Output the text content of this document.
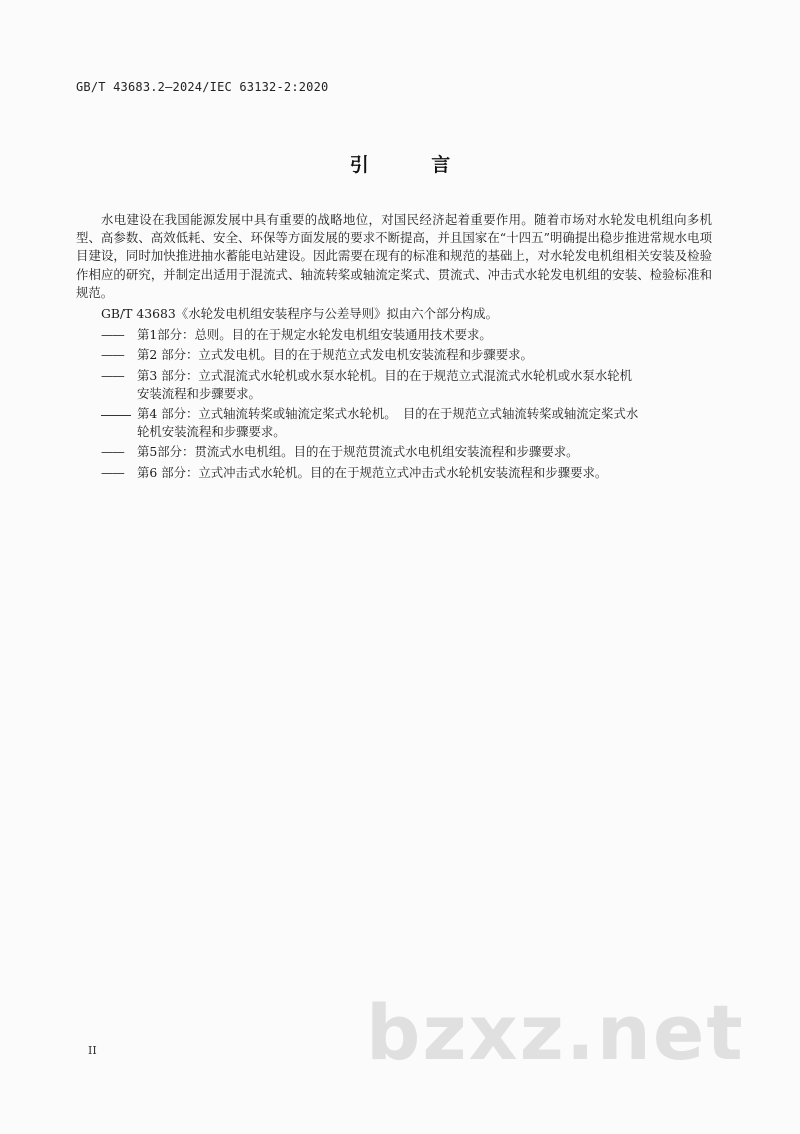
GB/T 43683.2—2024/IEC 63132-2:2020
引 言

水电建设在我国能源发展中具有重要的战略地位，对国民经济起着重要作用。随着市场对水轮发电机组向多机型、高参数、高效低耗、安全、环保等方面发展的要求不断提高，并且国家在“十四五”明确提出稳步推进常规水电项目建设，同时加快推进抽水蓄能电站建设。因此需要在现有的标准和规范的基础上，对水轮发电机组相关安装及检验作相应的研究，并制定出适用于混流式、轴流转桨或轴流定桨式、贯流式、冲击式水轮发电机组的安装、检验标准和规范。

GB/T 43683《水轮发电机组安装程序与公差导则》拟由六个部分构成。

—— 第1部分：总则。目的在于规定水轮发电机组安装通用技术要求。
—— 第2 部分：立式发电机。目的在于规范立式发电机安装流程和步骤要求。
—— 第3 部分：立式混流式水轮机或水泵水轮机。目的在于规范立式混流式水轮机或水泵水轮机
安装流程和步骤要求。
第4 部分：立式轴流转桨或轴流定桨式水轮机。　目的在于规范立式轴流转桨或轴流定桨式水
轮机安装流程和步骤要求。
—— 第5部分：贯流式水电机组。目的在于规范贯流式水电机组安装流程和步骤要求。
—— 第6 部分：立式冲击式水轮机。目的在于规范立式冲击式水轮机安装流程和步骤要求。
bzxz.net
II
